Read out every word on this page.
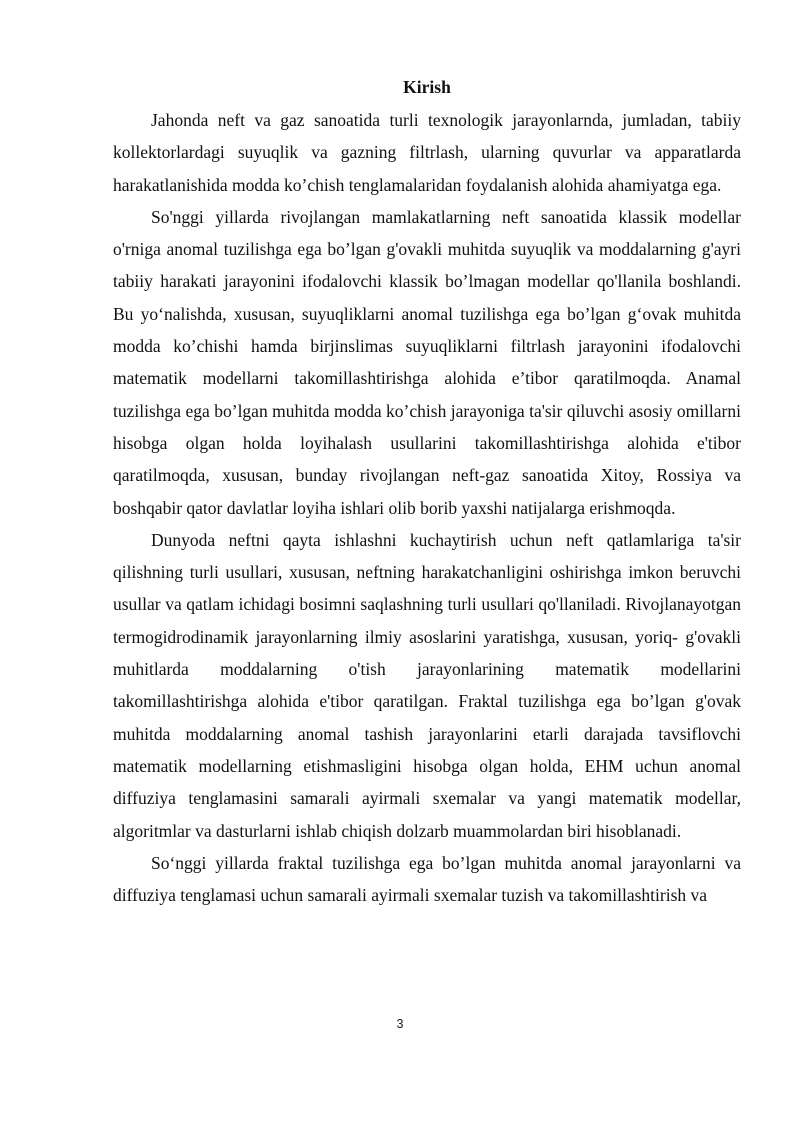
Kirish

Jahonda neft va gaz sanoatida turli texnologik jarayonlarnda, jumladan, tabiiy kollektorlardagi suyuqlik va gazning filtrlash, ularning quvurlar va apparatlarda harakatlanishida modda ko’chish tenglamalaridan foydalanish alohida ahamiyatga ega.

So'nggi yillarda rivojlangan mamlakatlarning neft sanoatida klassik modellar o'rniga anomal tuzilishga ega bo’lgan g'ovakli muhitda suyuqlik va moddalarning g'ayri tabiiy harakati jarayonini ifodalovchi klassik bo’lmagan modellar qo'llanila boshlandi. Bu yo‘nalishda, xususan, suyuqliklarni anomal tuzilishga ega bo’lgan g‘ovak muhitda modda ko’chishi hamda birjinslimas suyuqliklarni filtrlash jarayonini ifodalovchi matematik modellarni takomillashtirishga alohida e’tibor qaratilmoqda. Anamal tuzilishga ega bo’lgan muhitda modda ko’chish jarayoniga ta'sir qiluvchi asosiy omillarni hisobga olgan holda loyihalash usullarini takomillashtirishga alohida e'tibor qaratilmoqda, xususan, bunday rivojlangan neft-gaz sanoatida Xitoy, Rossiya va boshqabir qator davlatlar loyiha ishlari olib borib yaxshi natijalarga erishmoqda.

Dunyoda neftni qayta ishlashni kuchaytirish uchun neft qatlamlariga ta'sir qilishning turli usullari, xususan, neftning harakatchanligini oshirishga imkon beruvchi usullar va qatlam ichidagi bosimni saqlashning turli usullari qo'llaniladi. Rivojlanayotgan termogidrodinamik jarayonlarning ilmiy asoslarini yaratishga, xususan, yoriq- g'ovakli muhitlarda moddalarning o'tish jarayonlarining matematik modellarini takomillashtirishga alohida e'tibor qaratilgan. Fraktal tuzilishga ega bo’lgan g'ovak muhitda moddalarning anomal tashish jarayonlarini etarli darajada tavsiflovchi matematik modellarning etishmasligini hisobga olgan holda, EHM uchun anomal diffuziya tenglamasini samarali ayirmali sxemalar va yangi matematik modellar, algoritmlar va dasturlarni ishlab chiqish dolzarb muammolardan biri hisoblanadi.

So‘nggi yillarda fraktal tuzilishga ega bo’lgan muhitda anomal jarayonlarni va diffuziya tenglamasi uchun samarali ayirmali sxemalar tuzish va takomillashtirish va

3
